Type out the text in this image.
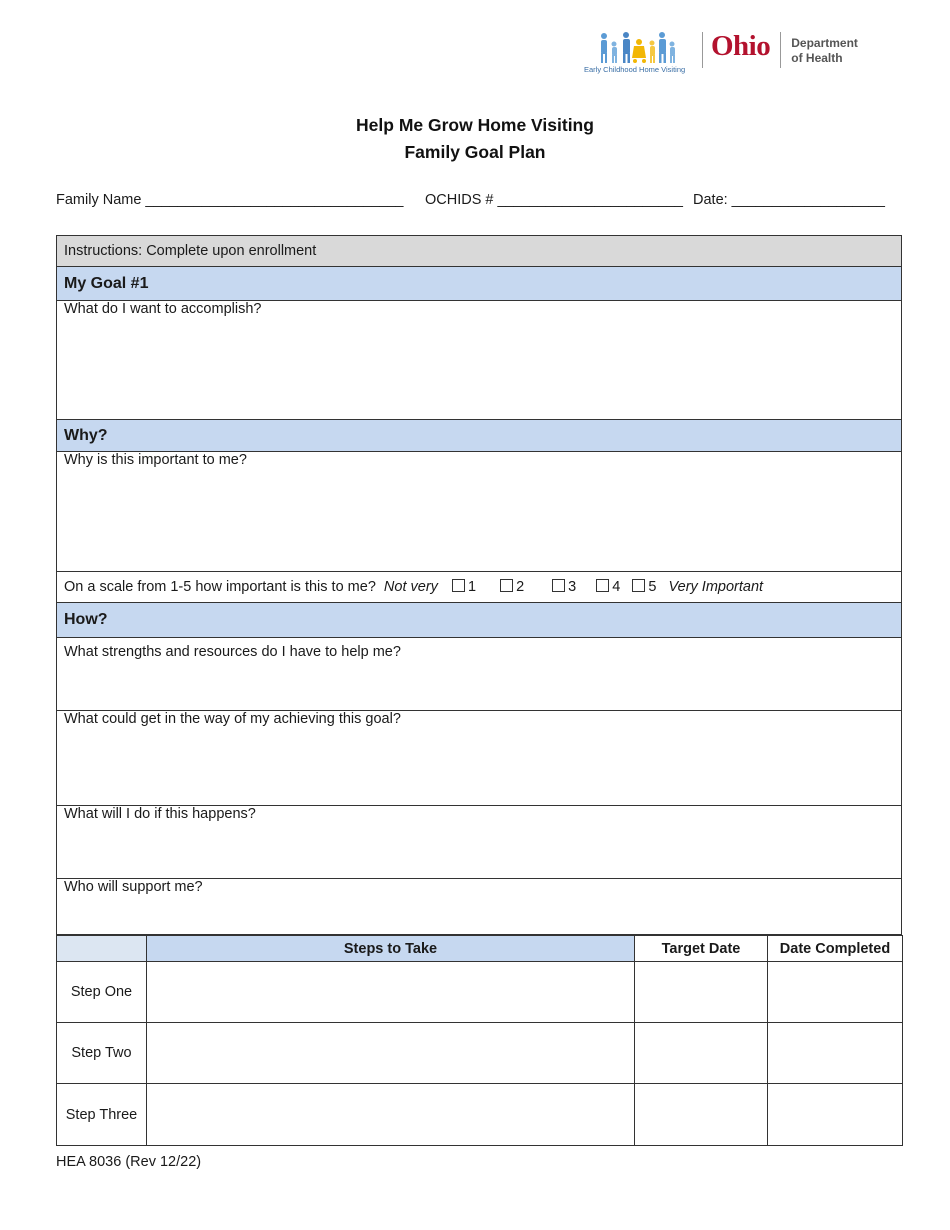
Early Childhood Home Visiting
Ohio Department
of Health
Help Me Grow Home Visiting
Family Goal Plan
Family Name ________________________________ OCHIDS # _______________________ Date: ___________________
Instructions: Complete upon enrollment
My Goal #1
What do I want to accomplish?
Why?
Why is this important to me?
On a scale from 1-5 how important is this to me? Not very 1	2	3 4 5 Very Important
How?
What strengths and resources do I have to help me?
What could get in the way of my achieving this goal?
What will I do if this happens?
Who will support me?
	Steps to Take	Target Date	Date Completed
Step One			
Step Two			
Step Three			
HEA 8036 (Rev 12/22)
